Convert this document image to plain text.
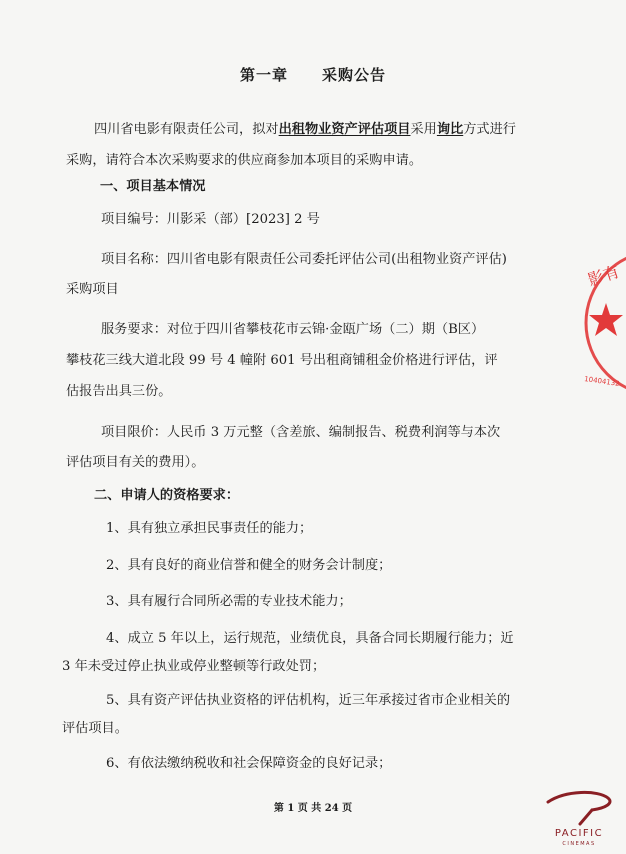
第一章 采购公告
四川省电影有限责任公司，拟对出租物业资产评估项目采用询比方式进行
采购，请符合本次采购要求的供应商参加本项目的采购申请。
一、项目基本情况
项目编号：川影采（部）[2023] 2 号
项目名称：四川省电影有限责任公司委托评估公司(出租物业资产评估)
采购项目
服务要求：对位于四川省攀枝花市云锦·金瓯广场（二）期（B区）
攀枝花三线大道北段 99 号 4 幢附 601 号出租商铺租金价格进行评估，评
估报告出具三份。
项目限价：人民币 3 万元整（含差旅、编制报告、税费利润等与本次
评估项目有关的费用）。
二、申请人的资格要求：
1、具有独立承担民事责任的能力；
2、具有良好的商业信誉和健全的财务会计制度；
3、具有履行合同所必需的专业技术能力；
4、成立 5 年以上，运行规范，业绩优良，具备合同长期履行能力；近
3 年未受过停止执业或停业整顿等行政处罚；
5、具有资产评估执业资格的评估机构，近三年承接过省市企业相关的
评估项目。
6、有依法缴纳税收和社会保障资金的良好记录；
第 1 页 共 24 页
影有
10404132
PACIFIC
CINEMAS
